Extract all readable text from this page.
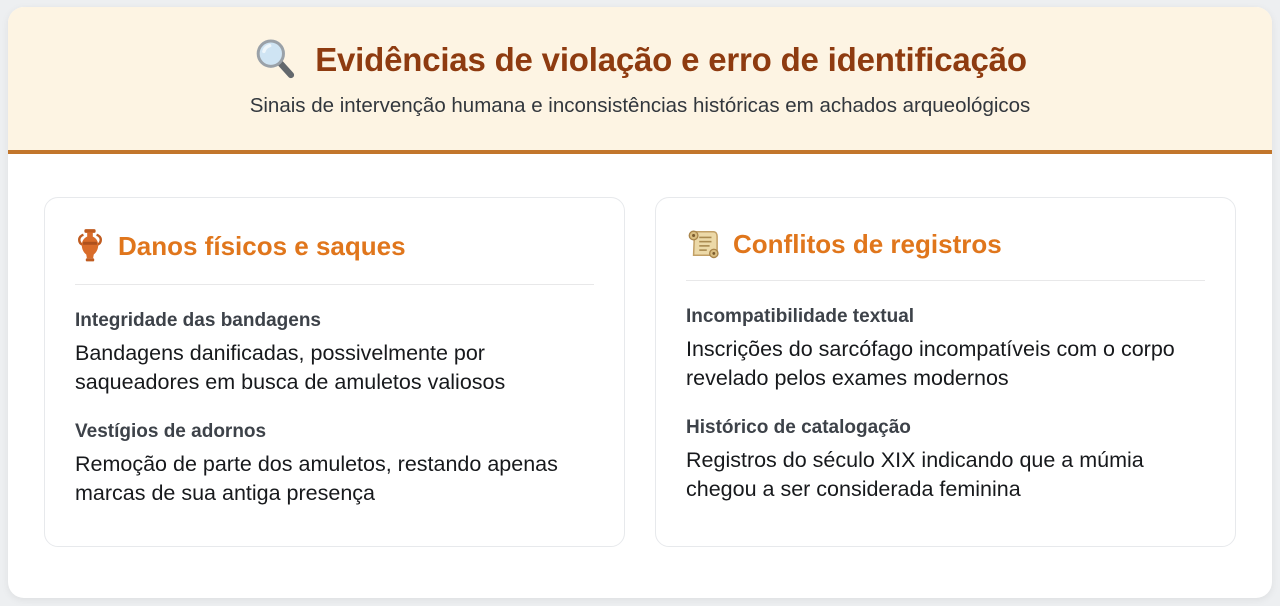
Evidências de violação e erro de identificação
Sinais de intervenção humana e inconsistências históricas em achados arqueológicos
Danos físicos e saques
Integridade das bandagens
Bandagens danificadas, possivelmente por saqueadores em busca de amuletos valiosos
Vestígios de adornos
Remoção de parte dos amuletos, restando apenas marcas de sua antiga presença
Conflitos de registros
Incompatibilidade textual
Inscrições do sarcófago incompatíveis com o corpo revelado pelos exames modernos
Histórico de catalogação
Registros do século XIX indicando que a múmia chegou a ser considerada feminina
